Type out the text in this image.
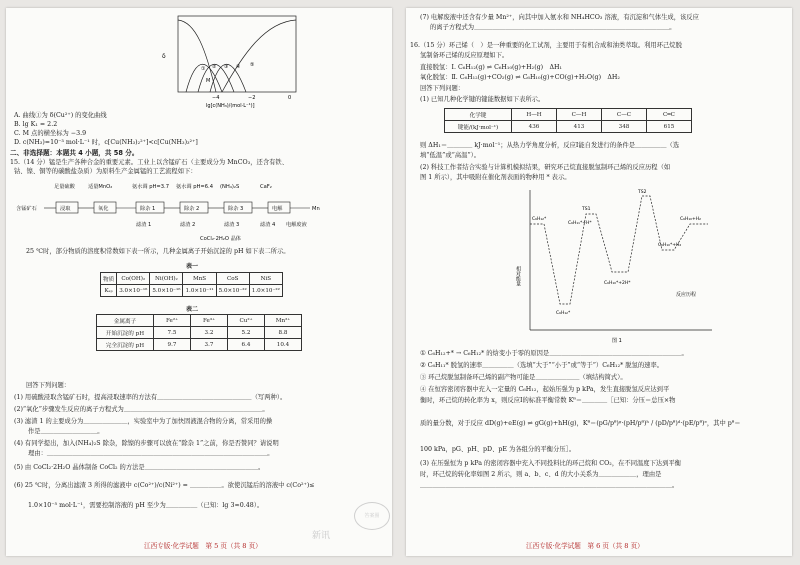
δ
① ② ③ ④ ⑤
M
−4	−2	0
lg[c(NH₃)/(mol·L⁻¹)]
A. 曲线①为 δ(Cu²⁺) 的变化曲线
B. lg K₁ = 2.2
C. M 点的横坐标为 −3.9
D. c(NH₃)=10⁻³ mol·L⁻¹ 时，c[Cu(NH₃)₂²⁺]<c[Cu(NH₃)₃²⁺]
二、非选择题：本题共 4 小题，共 58 分。
15.（14 分）锰是生产各种合金的重要元素。工业上以含锰矿石（主要成分为 MnCO₃，还含有铁、
钴、镍、铜等的碳酸盐杂质）为原料生产金属锰的工艺流程如下：
含锰矿石	浸取	氧化	除杂 1	除杂 2	除杂 3	电解	Mn
足量硫酸	适量MnO₂	氨水调 pH=3.7 氨水调 pH=6.4 (NH₄)₂S	CaF₂
滤渣 1	滤渣 2	滤渣 3	滤渣 4 电解废液
CoCl₂·2H₂O 晶体
25 ℃时，部分物质的溶度积常数如下表一所示，几种金属离子开始沉淀的 pH 如下表二所示。
表一
物质	Co(OH)₂	Ni(OH)₂	MnS	CoS	NiS
Kₛₚ	3.0×10⁻¹⁶	5.0×10⁻¹⁶	1.0×10⁻¹¹	5.0×10⁻²²	1.0×10⁻²²
表二
金属离子	Fe²⁺	Fe³⁺	Cu²⁺	Mn²⁺
开始沉淀的 pH	7.5	3.2	5.2	8.8
完全沉淀的 pH	9.7	3.7	6.4	10.4
回答下列问题：
(1) 用硫酸浸取含锰矿石时，提高浸取速率的方法有＿＿＿＿＿＿＿＿＿＿＿＿＿＿＿（写两种）。
(2)“氧化”步骤发生反应的离子方程式为＿＿＿＿＿＿＿＿＿＿＿＿＿＿＿＿＿＿＿＿＿＿。
(3) 滤渣 1 的主要成分为＿＿＿＿＿＿＿，实验室中为了加快固液混合物的分离，常采用的操
作是＿＿＿＿＿＿＿＿＿。
(4) 有同学提出，加入(NH₄)₂S 除杂，除镍的步骤可以放在“除杂 1”之前，你是否赞同？请说明
理由：＿＿＿＿＿＿＿＿＿＿＿＿＿＿＿＿＿＿＿＿＿＿＿＿＿＿＿＿＿＿＿＿＿＿＿。
(5) 由 CoCl₂·2H₂O 晶体制备 CoCl₂ 的方法是＿＿＿＿＿＿＿＿＿＿＿＿＿＿＿＿＿＿。
(6) 25 ℃时，分离出滤渣 3 所得的滤液中 c(Co²⁺)/c(Ni²⁺) = ＿＿＿＿＿。欲使沉锰后的溶液中 c(Co²⁺)≤
1.0×10⁻⁵ mol·L⁻¹，需要控制溶液的 pH 至少为＿＿＿＿＿（已知：lg 3≈0.48）。
新讯
答案圈
江西专版·化学试题　第 5 页（共 8 页）
(7) 电解废液中还含有少量 Mn²⁺，向其中加入氨水和 NH₄HCO₃ 溶液，有沉淀和气体生成，该反应
的离子方程式为＿＿＿＿＿＿＿＿＿＿＿＿＿＿＿＿＿＿＿＿＿＿＿＿＿＿＿＿＿＿＿。
16.（15 分）环己烯（　）是一种重要的化工试剂，主要用于有机合成和油类萃取。利用环己烷脱
氢制备环己烯的反应原理如下。
直接脱氢：Ⅰ. C₆H₁₂(g) ⇌ C₆H₁₀(g)+H₂(g)　ΔH₁
氧化脱氢：Ⅱ. C₆H₁₂(g)+CO₂(g) ⇌ C₆H₁₀(g)+CO(g)+H₂O(g)　ΔH₂
回答下列问题：
(1) 已知几种化学键的键能数据如下表所示。
化学键	H—H	C—H	C—C	C═C
键能/(kJ·mol⁻¹)	436	413	348	615
则 ΔH₁＝＿＿＿＿ kJ·mol⁻¹；从热力学角度分析，反应Ⅰ能自发进行的条件是＿＿＿＿＿（选
填“低温”或“高温”）。
(2) 科技工作者结合实验与计算机模拟结果，研究环己烷直接脱氢制环己烯的反应历程（如
图 1 所示），其中吸附在催化剂表面的物种用 * 表示。
相对能量
反应历程
C₆H₁₂*
C₆H₁₂*
TS1
C₆H₁₁*+H*
TS2
C₆H₁₀*+H₂
C₆H₁₀+H₂
C₆H₁₀*+2H*
图 1
① C₆H₁₂+* → C₆H₁₂* 的焓变小于零的原因是＿＿＿＿＿＿＿＿＿＿＿＿＿＿＿＿＿＿＿＿＿。
② C₆H₁₁* 脱氢的速率＿＿＿＿＿（选填“大于”“小于”或“等于”）C₆H₁₂* 脱氢的速率。
③ 环己烷脱氢制备环己烯的副产物可能是＿＿＿＿＿＿＿（填结构简式）。
④ 在恒容密闭容器中充入一定量的 C₆H₁₂，起始压强为 p kPa，发生直接脱氢反应达到平
衡时，环己烷的转化率为 x，则反应Ⅰ的标准平衡常数 Kᶿ＝＿＿＿＿［已知：分压＝总压×物
质的量分数，对于反应 dD(g)+eE(g) ⇌ gG(g)+hH(g)，Kᶿ＝(pG/pᶿ)ᵍ·(pH/pᶿ)ʰ / (pD/pᶿ)ᵈ·(pE/pᶿ)ᵉ，其中 pᶿ＝
100 kPa，pG、pH、pD、pE 为各组分的平衡分压］。
(3) 在压强恒为 p kPa 的密闭容器中充入不同投料比的环己烷和 CO₂，在不同温度下达到平衡
时，环己烷的转化率如图 2 所示，则 a、b、c、d 的大小关系为＿＿＿＿＿＿，理由是
＿＿＿＿＿＿＿＿＿＿＿＿＿＿＿＿＿＿＿＿＿＿＿＿＿＿＿＿＿＿＿＿＿＿＿＿＿＿＿＿。
江西专版·化学试题　第 6 页（共 8 页）
